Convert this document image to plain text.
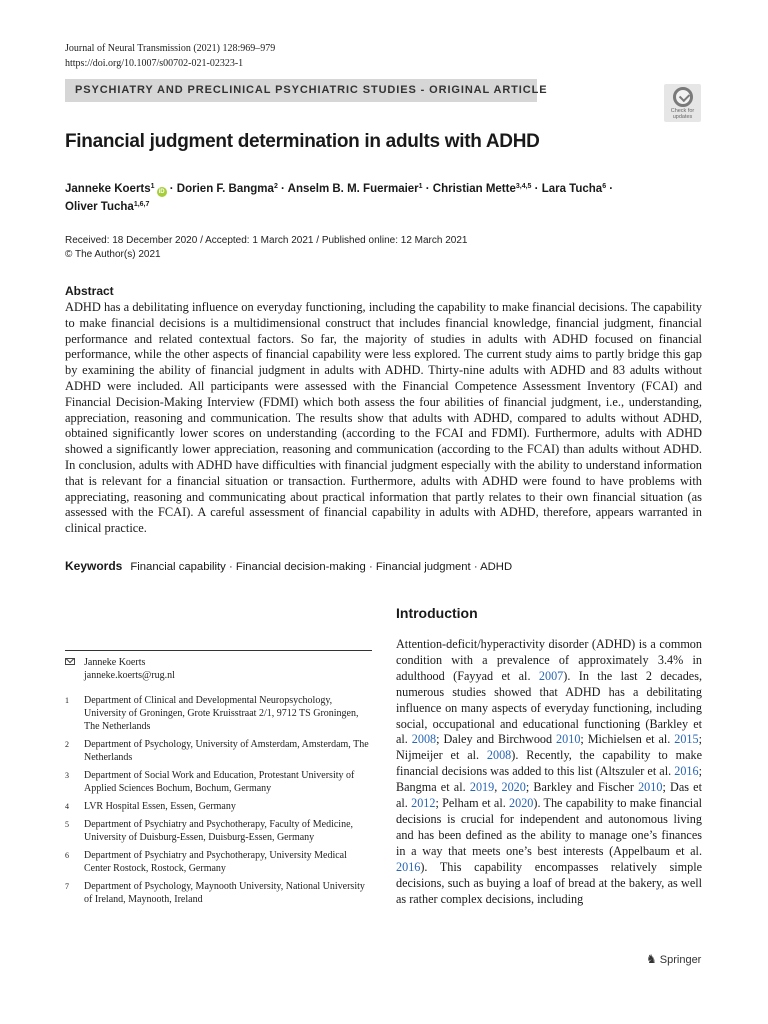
Journal of Neural Transmission (2021) 128:969–979
https://doi.org/10.1007/s00702-021-02323-1
PSYCHIATRY AND PRECLINICAL PSYCHIATRIC STUDIES - ORIGINAL ARTICLE
Check for
updates
Financial judgment determination in adults with ADHD
Janneke Koerts$^1$iD · Dorien F. Bangma$^2$ · Anselm B. M. Fuermaier$^1$ · Christian Mette$^{3,4,5}$ · Lara Tucha$^6$ ·
Oliver Tucha$^{1,6,7}$
Received: 18 December 2020 / Accepted: 1 March 2021 / Published online: 12 March 2021
© The Author(s) 2021
Abstract

ADHD has a debilitating influence on everyday functioning, including the capability to make financial decisions. The capability to make financial decisions is a multidimensional construct that includes financial knowledge, financial judgment, financial performance and related contextual factors. So far, the majority of studies in adults with ADHD focused on financial performance, while the other aspects of financial capability were less explored. The current study aims to partly bridge this gap by examining the ability of financial judgment in adults with ADHD. Thirty-nine adults with ADHD and 83 adults without ADHD were included. All participants were assessed with the Financial Competence Assessment Inventory (FCAI) and Financial Decision-Making Interview (FDMI) which both assess the four abilities of financial judgment, i.e., understanding, appreciation, reasoning and communication. The results show that adults with ADHD, compared to adults without ADHD, obtained significantly lower scores on understanding (according to the FCAI and FDMI). Furthermore, adults with ADHD showed a significantly lower appreciation, reasoning and communication (according to the FCAI) than adults without ADHD. In conclusion, adults with ADHD have difficulties with financial judgment especially with the ability to understand information that is relevant for a financial situation or transaction. Furthermore, adults with ADHD were found to have problems with appreciating, reasoning and communicating about practical information that partly relates to their own financial situation (as assessed with the FCAI). A careful assessment of financial capability in adults with ADHD, therefore, appears warranted in clinical practice.

Keywords Financial capability · Financial decision-making · Financial judgment · ADHD
Introduction

Attention-deficit/hyperactivity disorder (ADHD) is a common condition with a prevalence of approximately 3.4% in adulthood (Fayyad et al. 2007). In the last 2 decades, numerous studies showed that ADHD has a debilitating influence on many aspects of everyday functioning, including social, occupational and educational functioning (Barkley et al. 2008; Daley and Birchwood 2010; Michielsen et al. 2015; Nijmeijer et al. 2008). Recently, the capability to make financial decisions was added to this list (Altszuler et al. 2016; Bangma et al. 2019, 2020; Barkley and Fischer 2010; Das et al. 2012; Pelham et al. 2020). The capability to make financial decisions is crucial for independent and autonomous living and has been defined as the ability to manage one’s finances in a way that meets one’s best interests (Appelbaum et al. 2016). This capability encompasses relatively simple decisions, such as buying a loaf of bread at the bakery, as well as rather complex decisions, including

Janneke Koerts
janneke.koerts@rug.nl
1 Department of Clinical and Developmental Neuropsychology, University of Groningen, Grote Kruisstraat 2/1, 9712 TS Groningen, The Netherlands
2 Department of Psychology, University of Amsterdam, Amsterdam, The Netherlands
3 Department of Social Work and Education, Protestant University of Applied Sciences Bochum, Bochum, Germany
4 LVR Hospital Essen, Essen, Germany
5 Department of Psychiatry and Psychotherapy, Faculty of Medicine, University of Duisburg-Essen, Duisburg-Essen, Germany
6 Department of Psychiatry and Psychotherapy, University Medical Center Rostock, Rostock, Germany
7 Department of Psychology, Maynooth University, National University of Ireland, Maynooth, Ireland
♞ Springer
